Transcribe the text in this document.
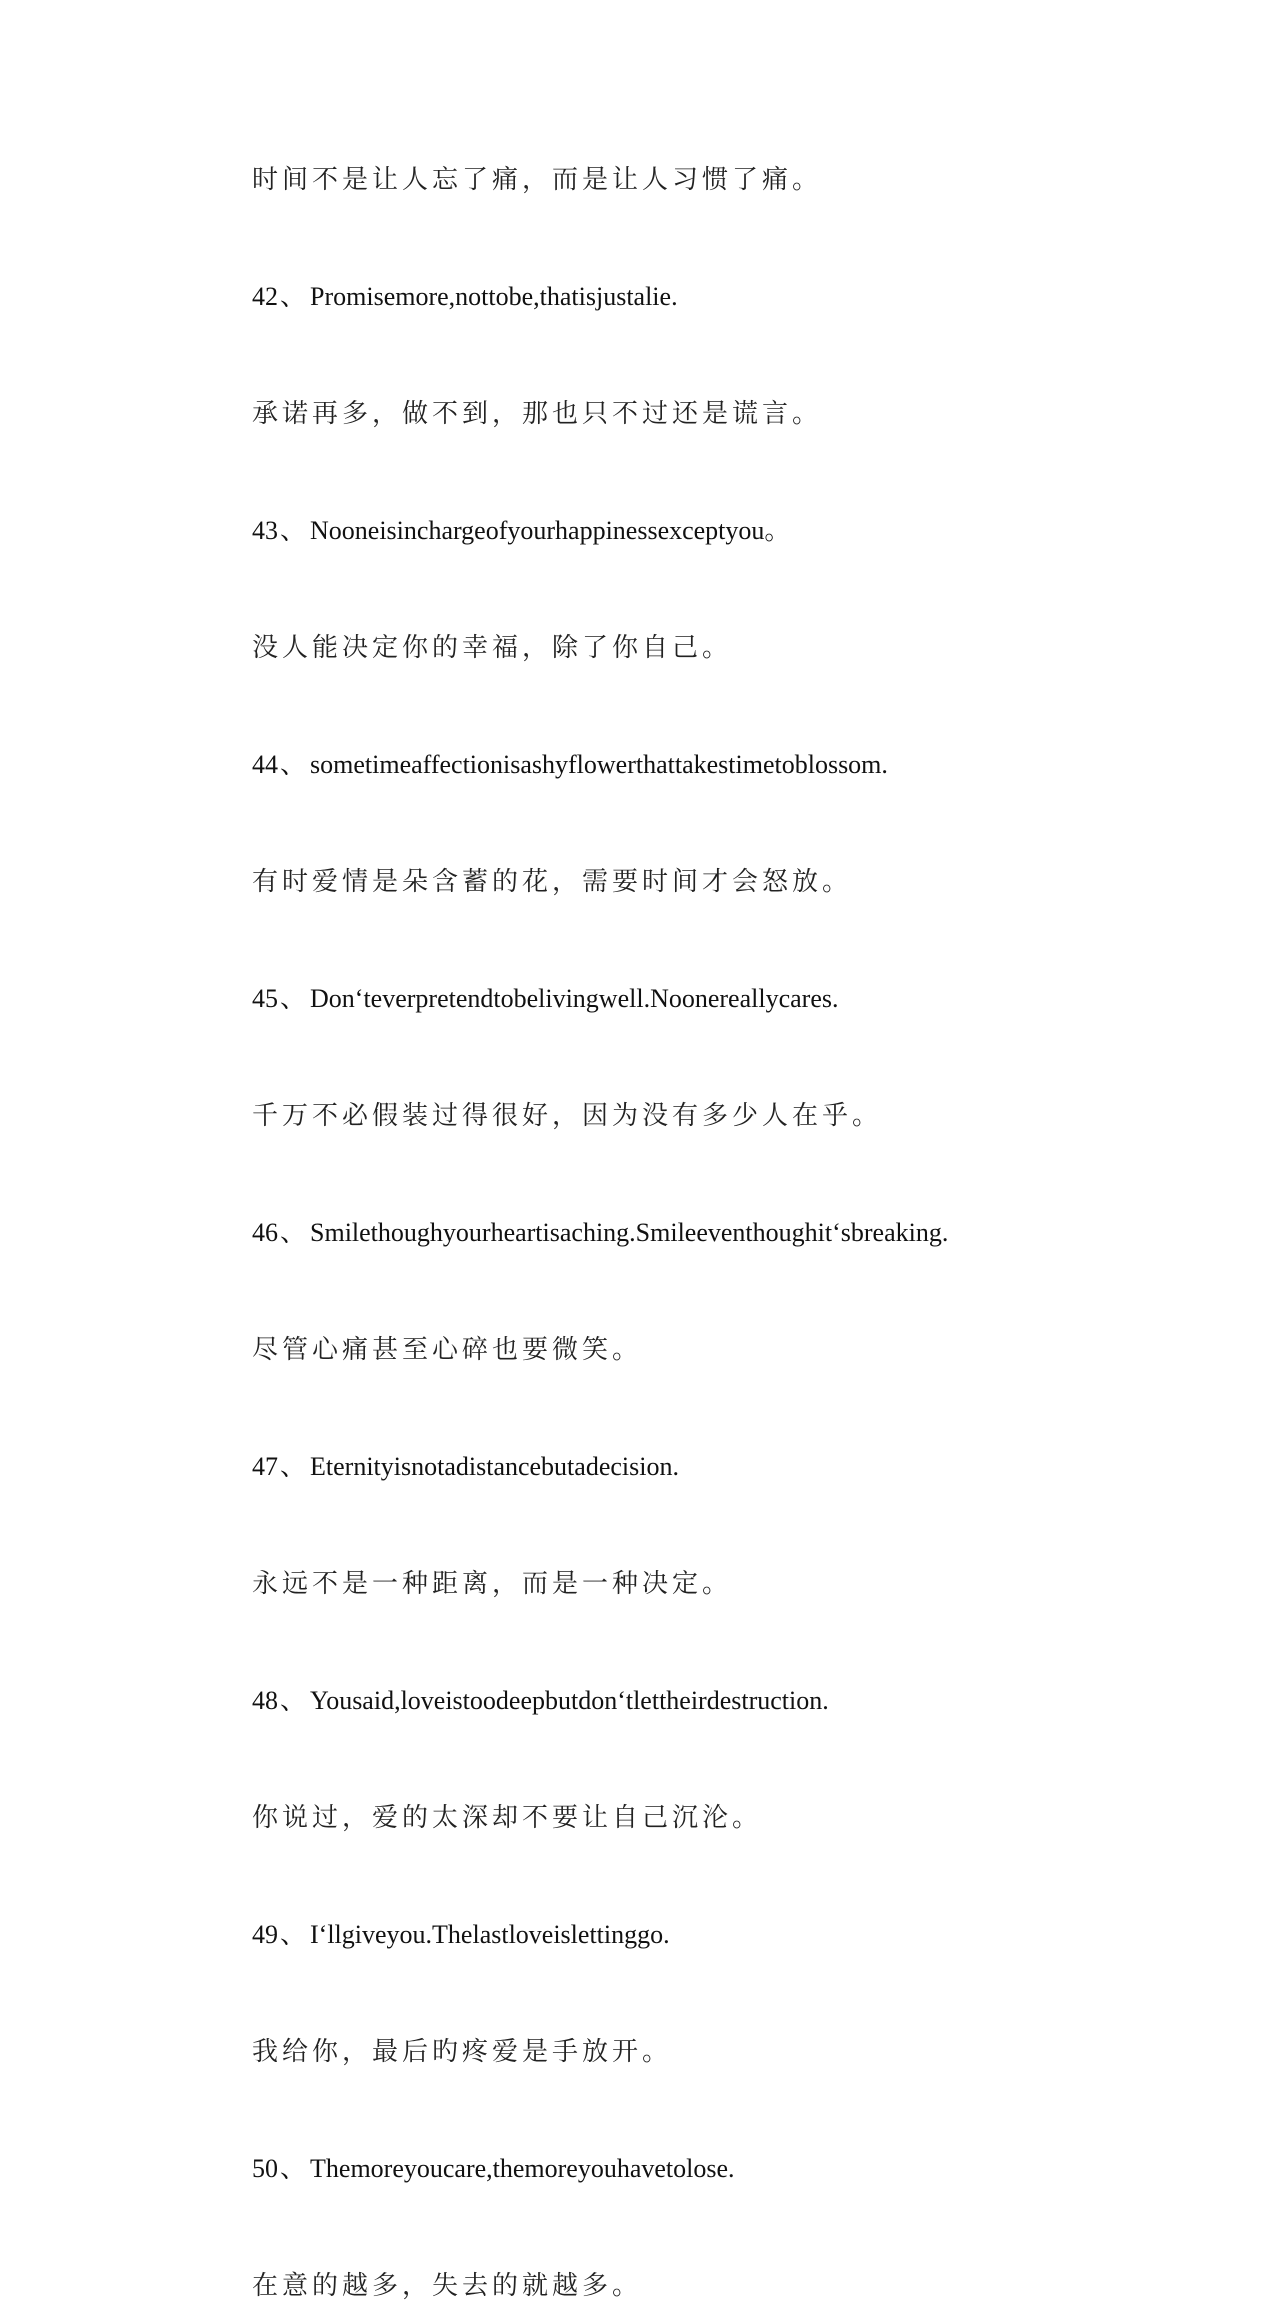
时间不是让人忘了痛，而是让人习惯了痛。
42、 Promisemore,nottobe,thatisjustalie.
承诺再多，做不到，那也只不过还是谎言。
43、 Nooneisinchargeofyourhappinessexceptyou。
没人能决定你的幸福，除了你自己。
44、 sometimeaffectionisashyflowerthattakestimetoblossom.
有时爱情是朵含蓄的花，需要时间才会怒放。
45、 Don‘teverpretendtobelivingwell.Noonereallycares.
千万不必假装过得很好，因为没有多少人在乎。
46、 Smilethoughyourheartisaching.Smileeventhoughit‘sbreaking.
尽管心痛甚至心碎也要微笑。
47、 Eternityisnotadistancebutadecision.
永远不是一种距离，而是一种决定。
48、 Yousaid,loveistoodeepbutdon‘tlettheirdestruction.
你说过，爱的太深却不要让自己沉沦。
49、 I‘llgiveyou.Thelastloveislettinggo.
我给你，最后旳疼爱是手放开。
50、 Themoreyoucare,themoreyouhavetolose.
在意的越多，失去的就越多。
